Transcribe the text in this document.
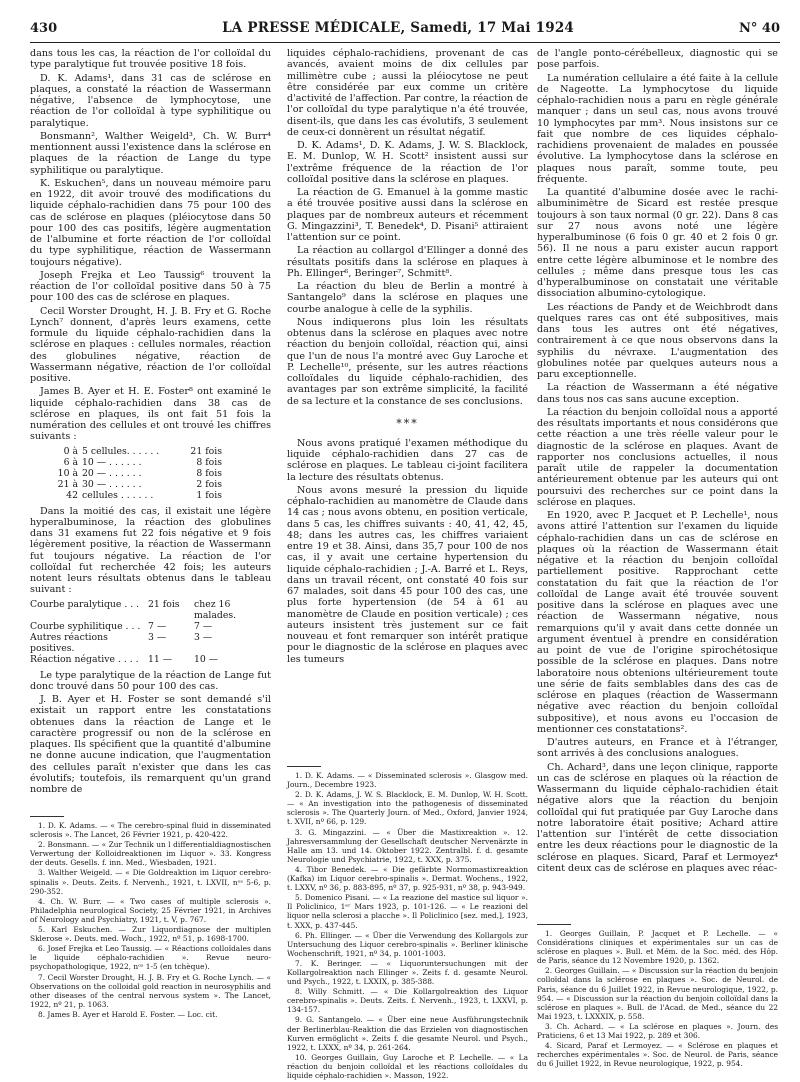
430	LA PRESSE MÉDICALE, Samedi, 17 Mai 1924	N° 40

dans tous les cas, la réaction de l'or colloïdal du type paralytique fut trouvée positive 18 fois.

D. K. Adams¹, dans 31 cas de sclérose en plaques, a constaté la réaction de Wassermann négative, l'absence de lymphocytose, une réaction de l'or colloïdal à type syphilitique ou paralytique.

Bonsmann², Walther Weigeld³, Ch. W. Burr⁴ mentionnent aussi l'existence dans la sclérose en plaques de la réaction de Lange du type syphilitique ou paralytique.

K. Eskuchen⁵, dans un nouveau mémoire paru en 1922, dit avoir trouvé des modifications du liquide céphalo-rachidien dans 75 pour 100 des cas de sclérose en plaques (pléiocytose dans 50 pour 100 des cas positifs, légère augmentation de l'albumine et forte réaction de l'or colloïdal du type syphilitique, réaction de Wassermann toujours négative).

Joseph Frejka et Leo Taussig⁶ trouvent la réaction de l'or colloïdal positive dans 50 à 75 pour 100 des cas de sclérose en plaques.

Cecil Worster Drought, H. J. B. Fry et G. Roche Lynch⁷ donnent, d'après leurs examens, cette formule du liquide céphalo-rachidien dans la sclérose en plaques : cellules normales, réaction des globulines négative, réaction de Wassermann négative, réaction de l'or colloïdal positive.

James B. Ayer et H. E. Foster⁸ ont examiné le liquide céphalo-rachidien dans 38 cas de sclérose en plaques, ils ont fait 51 fois la numération des cellules et ont trouvé les chiffres suivants :

0 à 5 cellules. . . . . .	21 fois
6 à 10 — . . . . . .	8 fois
10 à 20 — . . . . . .	8 fois
21 à 30 — . . . . . .	2 fois
42 cellules . . . . . .	1 fois

Dans la moitié des cas, il existait une légère hyperalbuminose, la réaction des globulines dans 31 examens fut 22 fois négative et 9 fois légèrement positive, la réaction de Wassermann fut toujours négative. La réaction de l'or colloïdal fut recherchée 42 fois; les auteurs notent leurs résultats obtenus dans le tableau suivant :

Courbe paralytique . . . 21 fois	chez 16 malades.
Courbe syphilitique . . . 7 —	7 —
Autres réactions positives.
3 —	3 —
Réaction négative . . . .	11 —	10 —

Le type paralytique de la réaction de Lange fut donc trouvé dans 50 pour 100 des cas.

J. B. Ayer et H. Foster se sont demandé s'il existait un rapport entre les constatations obtenues dans la réaction de Lange et le caractère progressif ou non de la sclérose en plaques. Ils spécifient que la quantité d'albumine ne donne aucune indication, que l'augmentation des cellules paraît n'exister que dans les cas évolutifs; toutefois, ils remarquent qu'un grand nombre de

1. D. K. Adams. — « The cerebro-spinal fluid in disseminated sclerosis ». The Lancet, 26 Février 1921, p. 420-422.

2. Bonsmann. — « Zur Technik un l differentialdiagnostischen Verwertung der Kolloidreaktionen im Liquor ». 33. Kongress der deuts. Gesells. f. inn. Med., Wiesbaden, 1921.

3. Walther Weigeld. — « Die Goldreaktion im Liquor cerebro-spinalis ». Deuts. Zeits. f. Nervenh., 1921, t. LXVII, nᵒˢ 5-6, p. 290-352.

4. Ch. W. Burr. — « Two cases of multiple sclerosis ». Philadelphia neurological Society, 25 Février 1921, in Archives of Neurology and Psychiatry, 1921, t. V, p. 767.

5. Karl Eskuchen. — Zur Liquordiagnose der multiplen Sklerose ». Deuts. med. Woch., 1922, nº 51, p. 1698-1700.

6. Josef Frejka et Leo Taussig. — « Réactions colloïdales dans le liquide céphalo-rachidien ». Revue neuro-psychopathologique, 1922, nᵒˢ 1-5 (en tchèque).

7. Cecil Worster Drought, H. J. B. Fry et G. Roche Lynch. — « Observations on the colloidal gold reaction in neurosyphilis and other diseases of the central nervous system ». The Lancet, 1922, nº 21, p. 1063.

8. James B. Ayer et Harold E. Foster. — Loc. cit.

liquides céphalo-rachidiens, provenant de cas avancés, avaient moins de dix cellules par millimètre cube ; aussi la pléiocytose ne peut être considérée par eux comme un critère d'activité de l'affection. Par contre, la réaction de l'or colloïdal du type paralytique n'a été trouvée, disent-ils, que dans les cas évolutifs, 3 seulement de ceux-ci donnèrent un résultat négatif.

D. K. Adams¹, D. K. Adams, J. W. S. Blacklock, E. M. Dunlop, W. H. Scott² insistent aussi sur l'extrême fréquence de la réaction de l'or colloïdal positive dans la sclérose en plaques.

La réaction de G. Emanuel à la gomme mastic a été trouvée positive aussi dans la sclérose en plaques par de nombreux auteurs et récemment G. Mingazzini³, T. Benedek⁴, D. Pisani⁵ attiraient l'attention sur ce point.

La réaction au collargol d'Ellinger a donné des résultats positifs dans la sclérose en plaques à Ph. Ellinger⁶, Beringer⁷, Schmitt⁸.

La réaction du bleu de Berlin a montré à Santangelo⁹ dans la sclérose en plaques une courbe analogue à celle de la syphilis.

Nous indiquerons plus loin les résultats obtenus dans la sclérose en plaques avec notre réaction du benjoin colloïdal, réaction qui, ainsi que l'un de nous l'a montré avec Guy Laroche et P. Lechelle¹⁰, présente, sur les autres réactions colloïdales du liquide céphalo-rachidien, des avantages par son extrême simplicité, la facilité de sa lecture et la constance de ses conclusions.

***

Nous avons pratiqué l'examen méthodique du liquide céphalo-rachidien dans 27 cas de sclérose en plaques. Le tableau ci-joint facilitera la lecture des résultats obtenus.

Nous avons mesuré la pression du liquide céphalo-rachidien au manomètre de Claude dans 14 cas ; nous avons obtenu, en position verticale, dans 5 cas, les chiffres suivants : 40, 41, 42, 45, 48; dans les autres cas, les chiffres variaient entre 19 et 38. Ainsi, dans 35,7 pour 100 de nos cas, il y avait une certaine hypertension du liquide céphalo-rachidien ; J.-A. Barré et L. Reys, dans un travail récent, ont constaté 40 fois sur 67 malades, soit dans 45 pour 100 des cas, une plus forte hypertension (de 54 à 61 au manomètre de Claude en position verticale) ; ces auteurs insistent très justement sur ce fait nouveau et font remarquer son intérêt pratique pour le diagnostic de la sclérose en plaques avec les tumeurs

1. D. K. Adams. — « Disseminated sclerosis ». Glasgow med. Journ., Decembre 1923.

2. D. K. Adams, J. W. S. Blacklock, E. M. Dunlop, W. H. Scott. — « An investigation into the pathogenesis of disseminated sclerosis ». The Quarterly Journ. of Med., Oxford, Janvier 1924, t. XVII, nº 66, p. 129.

3. G. Mingazzini. — « Über die Mastixreaktion ». 12. Jahresversammlung der Gesellschaft deutscher Nervenärzte in Halle am 13. und 14. Oktober 1922. Zentralbl. f. d. gesamte Neurologie und Psychiatrie, 1922, t. XXX, p. 375.

4. Tibor Benedek. — « Die gefärbte Normomastixreaktion (Kafka) im Liquor cerebro-spinalis ». Dermat. Wochens., 1922, t. LXXV, nº 36, p. 883-895, nº 37, p. 925-931, nº 38, p. 943-949.

5. Domenico Pisani. — « La reazione del mastice sul liquor ». Il Policlinico, 1ᵉʳ Mars 1923, p. 101-126. — « Le reazioni del liquor nella sclerosi a placche ». Il Policlinico [sez. med.], 1923, t. XXX, p. 437-445.

6. Ph. Ellinger. — « Über die Verwendung des Kollargols zur Untersuchung des Liquor cerebro-spinalis ». Berliner klinische Wochenschrift, 1921, nº 34, p. 1001-1003.

7. K. Beringer. — « Liquoruntersuchungen mit der Kollargolreaktion nach Ellinger ». Zeits f. d. gesamte Neurol. und Psych., 1922, t. LXXIX, p. 385-388.

8. Willy Schmitt. — « Die Kollargolreaktion des Liquor cerebro-spinalis ». Deuts. Zeits. f. Nervenh., 1923, t. LXXVI, p. 134-157.

9. G. Santangelo. — « Über eine neue Ausführungstechnik der Berlinerblau-Reaktion die das Erzielen von diagnostischen Kurven ermöglicht ». Zeits f. die gesamte Neurol. und Psych., 1922, t. LXXX, nº 34, p. 261-264.

10. Georges Guillain, Guy Laroche et P. Lechelle. — « La réaction du benjoin colloïdal et les réactions colloïdales du liquide céphalo-rachidien ». Masson, 1922.

de l'angle ponto-cérébelleux, diagnostic qui se pose parfois.

La numération cellulaire a été faite à la cellule de Nageotte. La lymphocytose du liquide céphalo-rachidien nous a paru en règle générale manquer ; dans un seul cas, nous avons trouvé 10 lymphocytes par mm³. Nous insistons sur ce fait que nombre de ces liquides céphalo-rachidiens provenaient de malades en poussée évolutive. La lymphocytose dans la sclérose en plaques nous paraît, somme toute, peu fréquente.

La quantité d'albumine dosée avec le rachi-albuminimètre de Sicard est restée presque toujours à son taux normal (0 gr. 22). Dans 8 cas sur 27 nous avons noté une légère hyperalbuminose (6 fois 0 gr. 40 et 2 fois 0 gr. 56). Il ne nous a paru exister aucun rapport entre cette légère albuminose et le nombre des cellules ; même dans presque tous les cas d'hyperalbuminose on constatait une véritable dissociation albumino-cytologique.

Les réactions de Pandy et de Weichbrodt dans quelques rares cas ont été subpositives, mais dans tous les autres ont été négatives, contrairement à ce que nous observons dans la syphilis du névraxe. L'augmentation des globulines notée par quelques auteurs nous a paru exceptionnelle.

La réaction de Wassermann a été négative dans tous nos cas sans aucune exception.

La réaction du benjoin colloïdal nous a apporté des résultats importants et nous considérons que cette réaction a une très réelle valeur pour le diagnostic de la sclérose en plaques. Avant de rapporter nos conclusions actuelles, il nous paraît utile de rappeler la documentation antérieurement obtenue par les auteurs qui ont poursuivi des recherches sur ce point dans la sclérose en plaques.

En 1920, avec P. Jacquet et P. Lechelle¹, nous avons attiré l'attention sur l'examen du liquide céphalo-rachidien dans un cas de sclérose en plaques où la réaction de Wassermann était négative et la réaction du benjoin colloïdal partiellement positive. Rapprochant cette constatation du fait que la réaction de l'or colloïdal de Lange avait été trouvée souvent positive dans la sclérose en plaques avec une réaction de Wassermann négative, nous remarquions qu'il y avait dans cette donnée un argument éventuel à prendre en considération au point de vue de l'origine spirochétosique possible de la sclérose en plaques. Dans notre laboratoire nous obtenions ultérieurement toute une série de faits semblables dans des cas de sclérose en plaques (réaction de Wassermann négative avec réaction du benjoin colloïdal subpositive), et nous avons eu l'occasion de mentionner ces constatations².

D'autres auteurs, en France et à l'étranger, sont arrivés à des conclusions analogues.

Ch. Achard³, dans une leçon clinique, rapporte un cas de sclérose en plaques où la réaction de Wassermann du liquide céphalo-rachidien était négative alors que la réaction du benjoin colloïdal qui fut pratiquée par Guy Laroche dans notre laboratoire était positive; Achard attire l'attention sur l'intérêt de cette dissociation entre les deux réactions pour le diagnostic de la sclérose en plaques. Sicard, Paraf et Lermoyez⁴ citent deux cas de sclérose en plaques avec réac-

1. Georges Guillain, P. Jacquet et P. Lechelle. — « Considérations cliniques et expérimentales sur un cas de sclérose en plaques ». Bull. et Mém. de la Soc. méd. des Hôp. de Paris, séance du 12 Novembre 1920, p. 1362.

2. Georges Guillain. — « Discussion sur la réaction du benjoin colloïdal dans la sclérose en plaques ». Soc. de Neurol. de Paris, séance du 6 Juillet 1922, in Revue neurologique, 1922, p. 954. — « Discussion sur la réaction du benjoin colloïdal dans la sclérose en plaques ». Bull. de l'Acad. de Med., séance du 22 Mai 1923, t. LXXXIX, p. 558.

3. Ch. Achard. — « La sclérose en plaques ». Journ. des Praticiens, 6 et 13 Mai 1922, p. 289 et 306.

4. Sicard, Paraf et Lermoyez. — « Sclérose en plaques et recherches expérimentales ». Soc. de Neurol. de Paris, séance du 6 Juillet 1922, in Revue neurologique, 1922, p. 954.
